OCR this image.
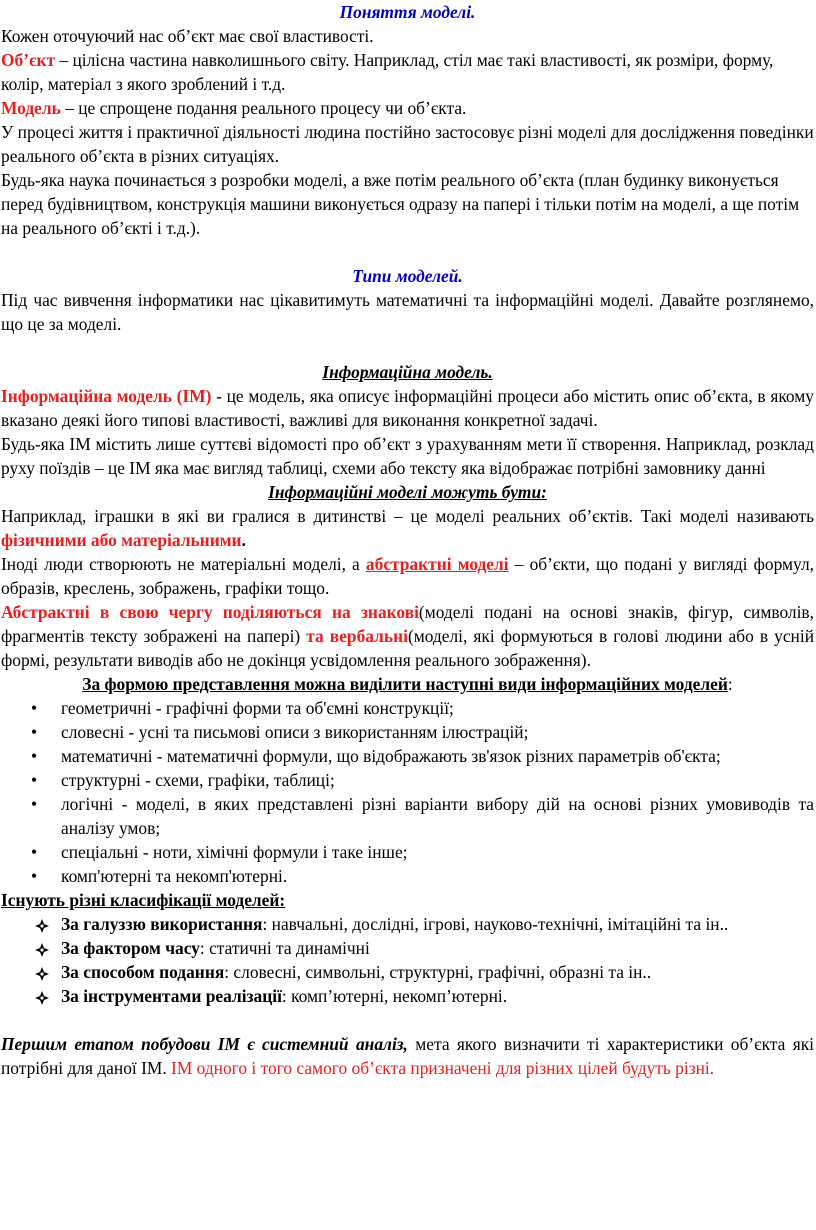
Поняття моделі.

Кожен оточуючий нас об’єкт має свої властивості.

Об’єкт – цілісна частина навколишнього світу. Наприклад, стіл має такі властивості, як розміри, форму, колір, матеріал з якого зроблений і т.д.

Модель – це спрощене подання реального процесу чи об’єкта.

У процесі життя і практичної діяльності людина постійно застосовує різні моделі для дослідження поведінки реального об’єкта в різних ситуаціях.

Будь-яка наука починається з розробки моделі, а вже потім реального об’єкта (план будинку виконується перед будівництвом, конструкція машини виконується одразу на папері і тільки потім на моделі, а ще потім на реального об’єкті і т.д.).

Типи моделей.

Під час вивчення інформатики нас цікавитимуть математичні та інформаційні моделі. Давайте розглянемо, що це за моделі.

Інформаційна модель.

Інформаційна модель (ІМ) - це модель, яка описує інформаційні процеси або містить опис об’єкта, в якому вказано деякі його типові властивості, важливі для виконання конкретної задачі.

Будь-яка ІМ містить лише суттєві відомості про об’єкт з урахуванням мети її створення. Наприклад, розклад руху поїздів – це ІМ яка має вигляд таблиці, схеми або тексту яка відображає потрібні замовнику данні

Інформаційні моделі можуть бути:

Наприклад, іграшки в які ви гралися в дитинстві – це моделі реальних об’єктів. Такі моделі називають фізичними або матеріальними.

Іноді люди створюють не матеріальні моделі, а абстрактні моделі – об’єкти, що подані у вигляді формул, образів, креслень, зображень, графіки тощо.

Абстрактні в свою чергу поділяються на знакові(моделі подані на основі знаків, фігур, символів, фрагментів тексту зображені на папері) та вербальні(моделі, які формуються в голові людини або в усній формі, результати виводів або не докінця усвідомлення реального зображення).

За формою представлення можна виділити наступні види інформаційних моделей:

• геометричні - графічні форми та об'ємні конструкції;
• словесні - усні та письмові описи з використанням ілюстрацій;
• математичні - математичні формули, що відображають зв'язок різних параметрів об'єкта;
• структурні - схеми, графіки, таблиці;
• логічні - моделі, в яких представлені різні варіанти вибору дій на основі різних умовиводів та аналізу умов;
• спеціальні - ноти, хімічні формули і таке інше;
• комп'ютерні та некомп'ютерні.

Існують різні класифікації моделей:

За галуззю використання: навчальні, дослідні, ігрові, науково-технічні, імітаційні та ін..
За фактором часу: статичні та динамічні
За способом подання: словесні, символьні, структурні, графічні, образні та ін..
За інструментами реалізації: комп’ютерні, некомп’ютерні.

Першим етапом побудови ІМ є системний аналіз, мета якого визначити ті характеристики об’єкта які потрібні для даної ІМ. ІМ одного і того самого об’єкта призначені для різних цілей будуть різні.
